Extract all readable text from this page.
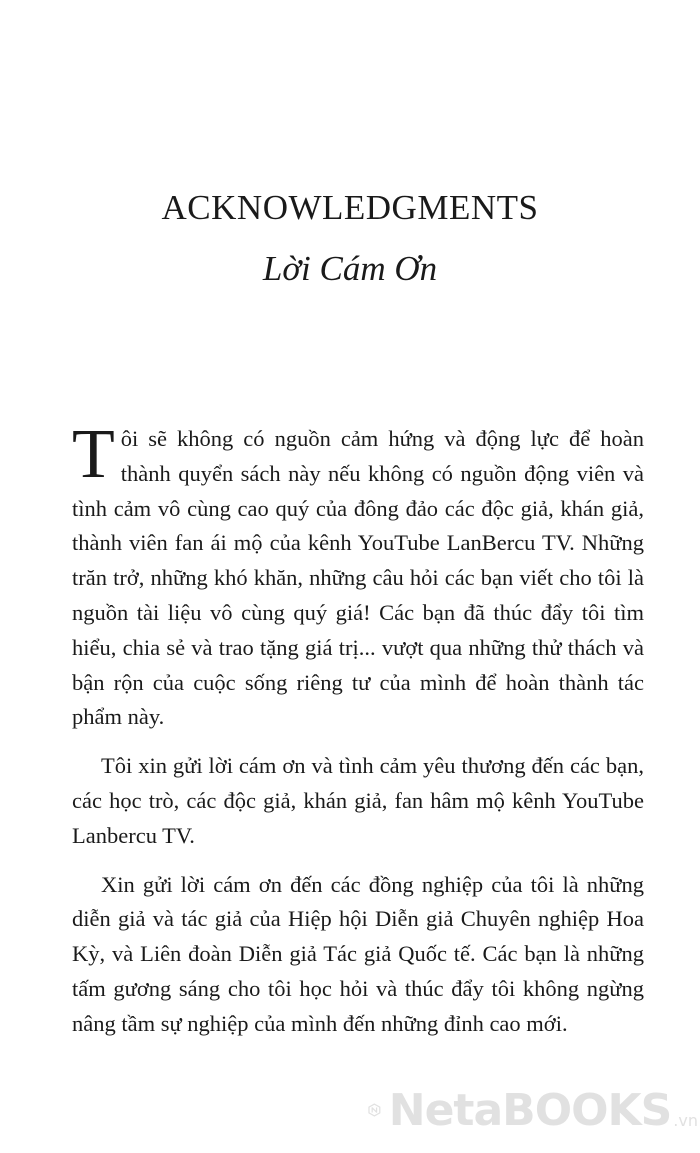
ACKNOWLEDGMENTS
Lời Cám Ơn

Tôi sẽ không có nguồn cảm hứng và động lực để hoàn thành quyển sách này nếu không có nguồn động viên và tình cảm vô cùng cao quý của đông đảo các độc giả, khán giả, thành viên fan ái mộ của kênh YouTube LanBercu TV. Những trăn trở, những khó khăn, những câu hỏi các bạn viết cho tôi là nguồn tài liệu vô cùng quý giá! Các bạn đã thúc đẩy tôi tìm hiểu, chia sẻ và trao tặng giá trị... vượt qua những thử thách và bận rộn của cuộc sống riêng tư của mình để hoàn thành tác phẩm này.

Tôi xin gửi lời cám ơn và tình cảm yêu thương đến các bạn, các học trò, các độc giả, khán giả, fan hâm mộ kênh YouTube Lanbercu TV.

Xin gửi lời cám ơn đến các đồng nghiệp của tôi là những diễn giả và tác giả của Hiệp hội Diễn giả Chuyên nghiệp Hoa Kỳ, và Liên đoàn Diễn giả Tác giả Quốc tế. Các bạn là những tấm gương sáng cho tôi học hỏi và thúc đẩy tôi không ngừng nâng tầm sự nghiệp của mình đến những đỉnh cao mới.

NetaBOOKS .vn
